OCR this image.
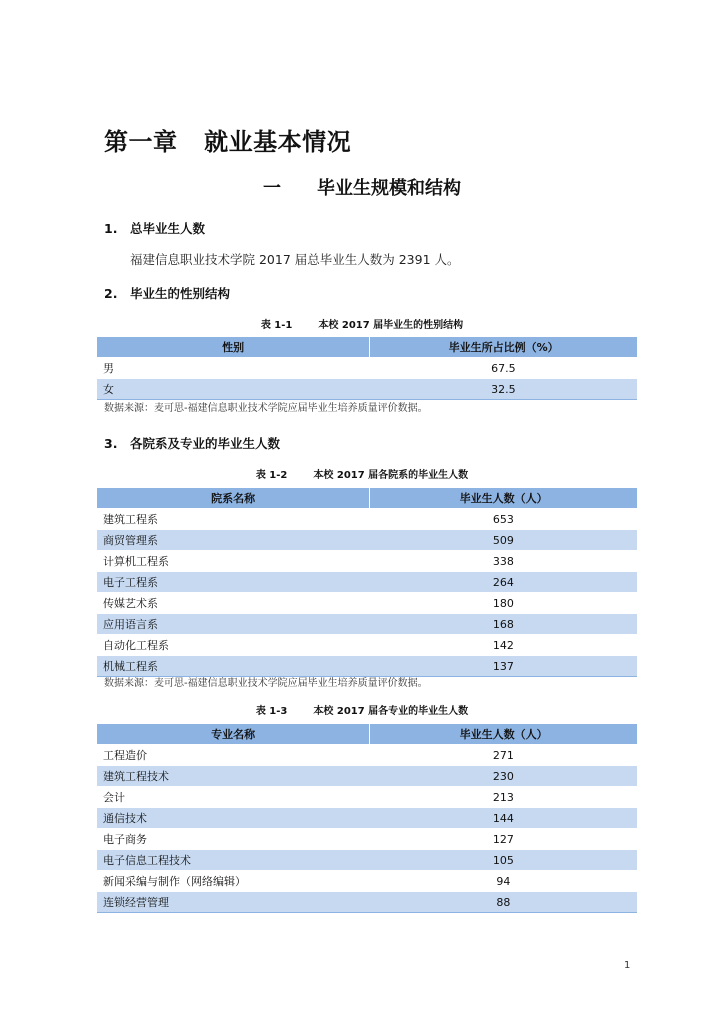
第一章   就业基本情况
一 毕业生规模和结构
1. 总毕业生人数
福建信息职业技术学院 2017 届总毕业生人数为 2391 人。
2. 毕业生的性别结构
表 1-1	本校 2017 届毕业生的性别结构
性别	毕业生所占比例（%）
男	67.5
女	32.5
数据来源：麦可思-福建信息职业技术学院应届毕业生培养质量评价数据。
3. 各院系及专业的毕业生人数
表 1-2	本校 2017 届各院系的毕业生人数
院系名称	毕业生人数（人）
建筑工程系	653
商贸管理系	509
计算机工程系	338
电子工程系	264
传媒艺术系	180
应用语言系	168
自动化工程系	142
机械工程系	137
数据来源：麦可思-福建信息职业技术学院应届毕业生培养质量评价数据。
表 1-3	本校 2017 届各专业的毕业生人数
专业名称	毕业生人数（人）
工程造价	271
建筑工程技术	230
会计	213
通信技术	144
电子商务	127
电子信息工程技术	105
新闻采编与制作（网络编辑）	94
连锁经营管理	88
1
